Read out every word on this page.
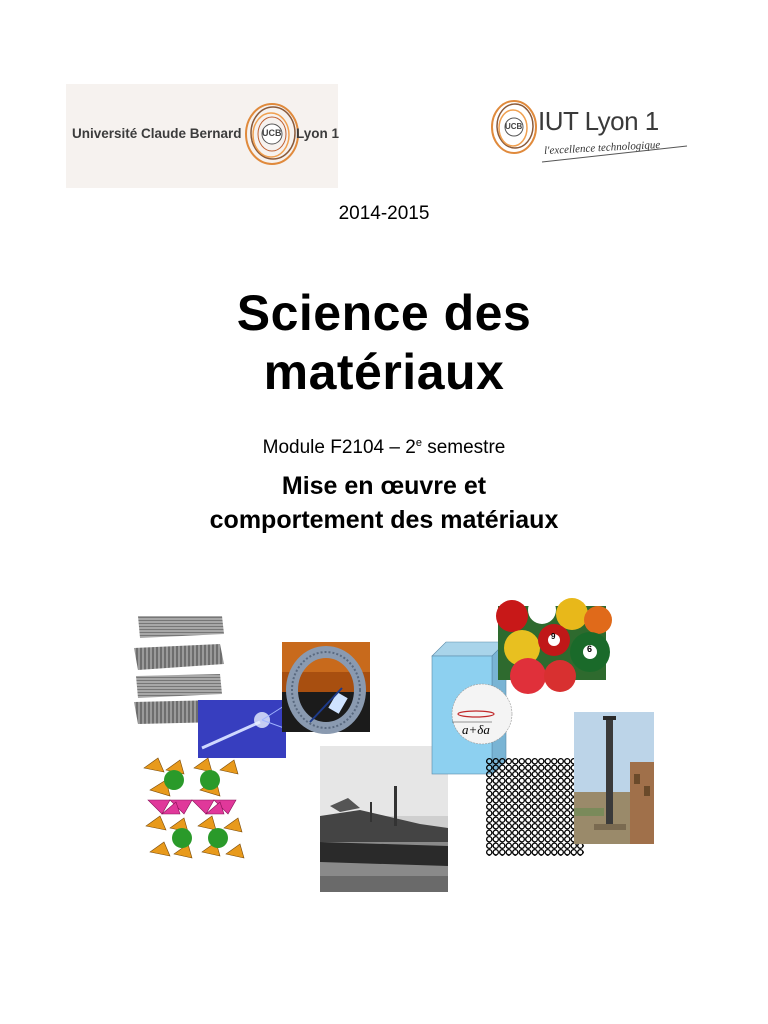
Université Claude Bernard UCB Lyon 1	UCB IUT Lyon 1
l'excellence technologique
2014-2015
Science des
matériaux
Module F2104 – 2e semestre
Mise en œuvre et
comportement des matériaux
a+δa
9
6
